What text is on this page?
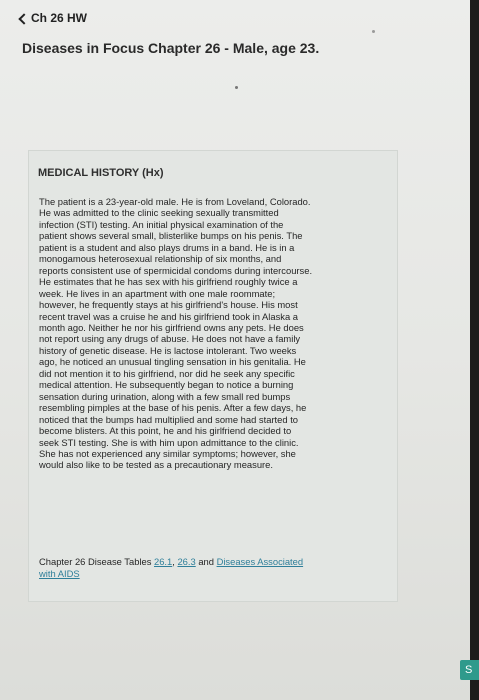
Ch 26 HW
Diseases in Focus Chapter 26 - Male, age 23.
MEDICAL HISTORY (Hx)

The patient is a 23-year-old male. He is from Loveland, Colorado.
He was admitted to the clinic seeking sexually transmitted
infection (STI) testing. An initial physical examination of the
patient shows several small, blisterlike bumps on his penis. The
patient is a student and also plays drums in a band. He is in a
monogamous heterosexual relationship of six months, and
reports consistent use of spermicidal condoms during intercourse.
He estimates that he has sex with his girlfriend roughly twice a
week. He lives in an apartment with one male roommate;
however, he frequently stays at his girlfriend's house. His most
recent travel was a cruise he and his girlfriend took in Alaska a
month ago. Neither he nor his girlfriend owns any pets. He does
not report using any drugs of abuse. He does not have a family
history of genetic disease. He is lactose intolerant. Two weeks
ago, he noticed an unusual tingling sensation in his genitalia. He
did not mention it to his girlfriend, nor did he seek any specific
medical attention. He subsequently began to notice a burning
sensation during urination, along with a few small red bumps
resembling pimples at the base of his penis. After a few days, he
noticed that the bumps had multiplied and some had started to
become blisters. At this point, he and his girlfriend decided to
seek STI testing. She is with him upon admittance to the clinic.
She has not experienced any similar symptoms; however, she
would also like to be tested as a precautionary measure.

Chapter 26 Disease Tables 26.1, 26.3 and Diseases Associated
with AIDS

S
